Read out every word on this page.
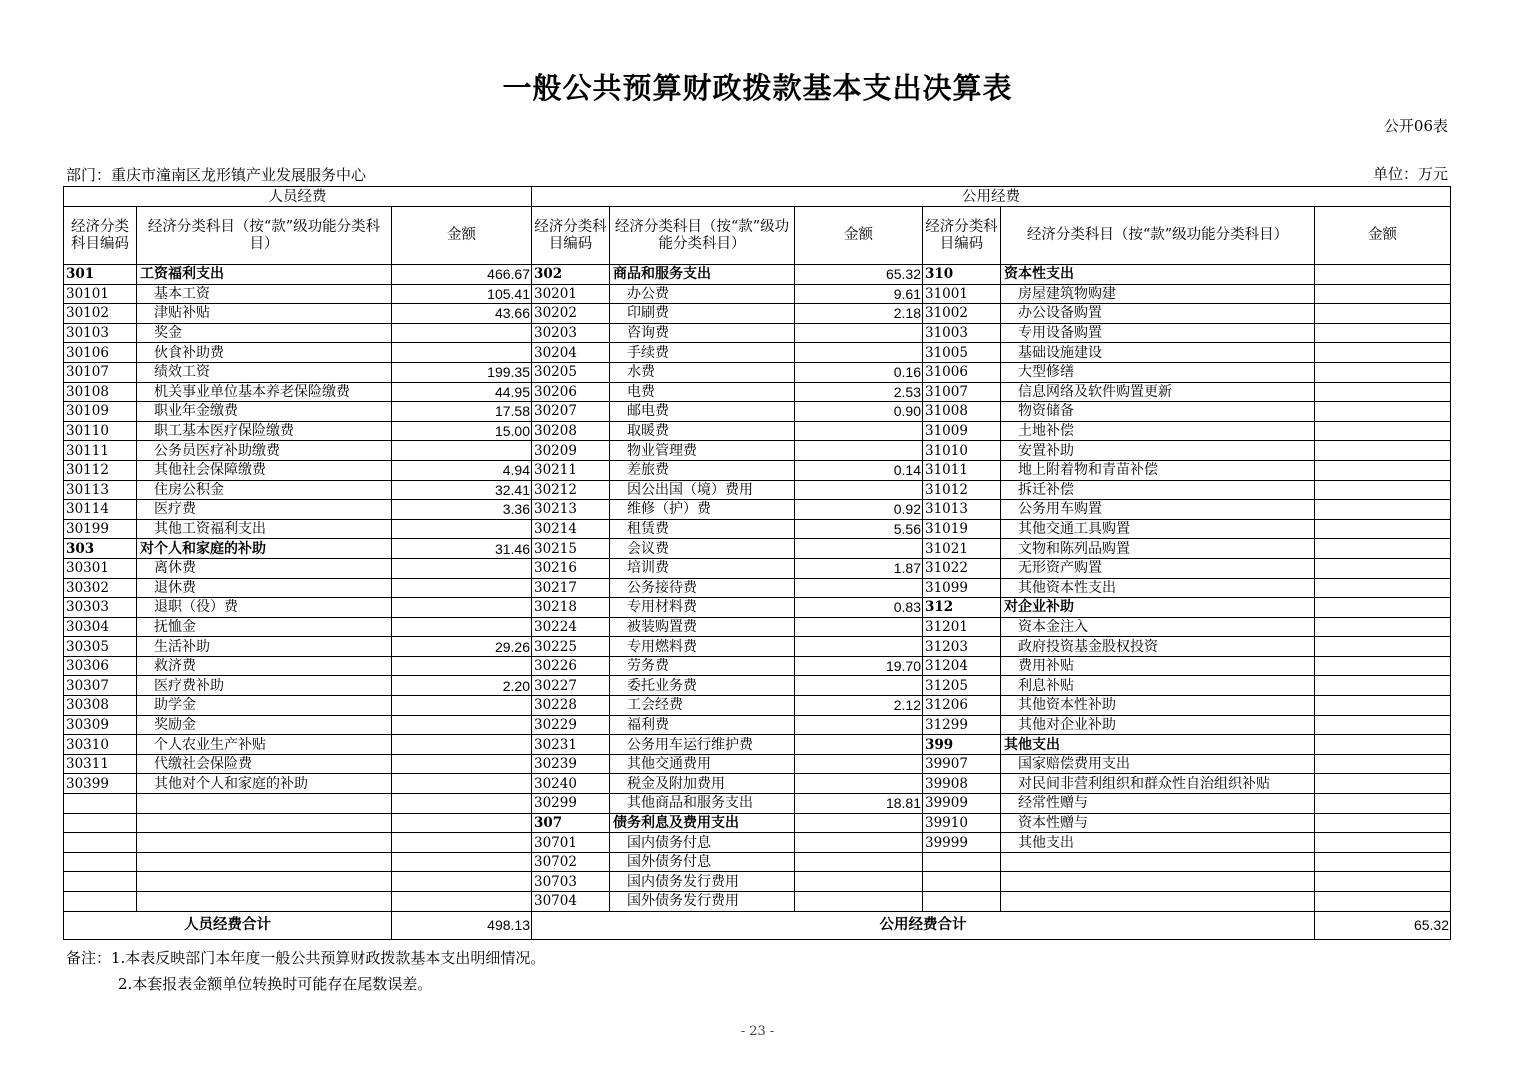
一般公共预算财政拨款基本支出决算表
公开06表
部门：重庆市潼南区龙形镇产业发展服务中心	单位：万元
人员经费			公用经费					
经济分类科目编码	经济分类科目（按“款”级功能分类科目）	金额	经济分类科目编码	经济分类科目（按“款”级功能分类科目）	金额	经济分类科目编码	经济分类科目（按“款”级功能分类科目）	金额
301	工资福利支出	466.67	302	商品和服务支出	65.32	310	资本性支出	
30101	基本工资	105.41	30201	办公费	9.61	31001	房屋建筑物购建	
30102	津贴补贴	43.66	30202	印刷费	2.18	31002	办公设备购置	
30103	奖金		30203	咨询费		31003	专用设备购置	
30106	伙食补助费		30204	手续费		31005	基础设施建设	
30107	绩效工资	199.35	30205	水费	0.16	31006	大型修缮	
30108	机关事业单位基本养老保险缴费	44.95	30206	电费	2.53	31007	信息网络及软件购置更新	
30109	职业年金缴费	17.58	30207	邮电费	0.90	31008	物资储备	
30110	职工基本医疗保险缴费	15.00	30208	取暖费		31009	土地补偿	
30111	公务员医疗补助缴费		30209	物业管理费		31010	安置补助	
30112	其他社会保障缴费	4.94	30211	差旅费	0.14	31011	地上附着物和青苗补偿	
30113	住房公积金	32.41	30212	因公出国（境）费用		31012	拆迁补偿	
30114	医疗费	3.36	30213	维修（护）费	0.92	31013	公务用车购置	
30199	其他工资福利支出		30214	租赁费	5.56	31019	其他交通工具购置	
303	对个人和家庭的补助	31.46	30215	会议费		31021	文物和陈列品购置	
30301	离休费		30216	培训费	1.87	31022	无形资产购置	
30302	退休费		30217	公务接待费		31099	其他资本性支出	
30303	退职（役）费		30218	专用材料费	0.83	312	对企业补助	
30304	抚恤金		30224	被装购置费		31201	资本金注入	
30305	生活补助	29.26	30225	专用燃料费		31203	政府投资基金股权投资	
30306	救济费		30226	劳务费	19.70	31204	费用补贴	
30307	医疗费补助	2.20	30227	委托业务费		31205	利息补贴	
30308	助学金		30228	工会经费	2.12	31206	其他资本性补助	
30309	奖励金		30229	福利费		31299	其他对企业补助	
30310	个人农业生产补贴		30231	公务用车运行维护费		399	其他支出	
30311	代缴社会保险费		30239	其他交通费用		39907	国家赔偿费用支出	
30399	其他对个人和家庭的补助		30240	税金及附加费用		39908	对民间非营利组织和群众性自治组织补贴	
			30299	其他商品和服务支出	18.81	39909	经常性赠与	
			307	债务利息及费用支出		39910	资本性赠与	
			30701	国内债务付息		39999	其他支出	
			30702	国外债务付息				
			30703	国内债务发行费用				
			30704	国外债务发行费用				
人员经费合计		498.13	公用经费合计					65.32
备注：1.本表反映部门本年度一般公共预算财政拨款基本支出明细情况。
2.本套报表金额单位转换时可能存在尾数误差。
- 23 -
